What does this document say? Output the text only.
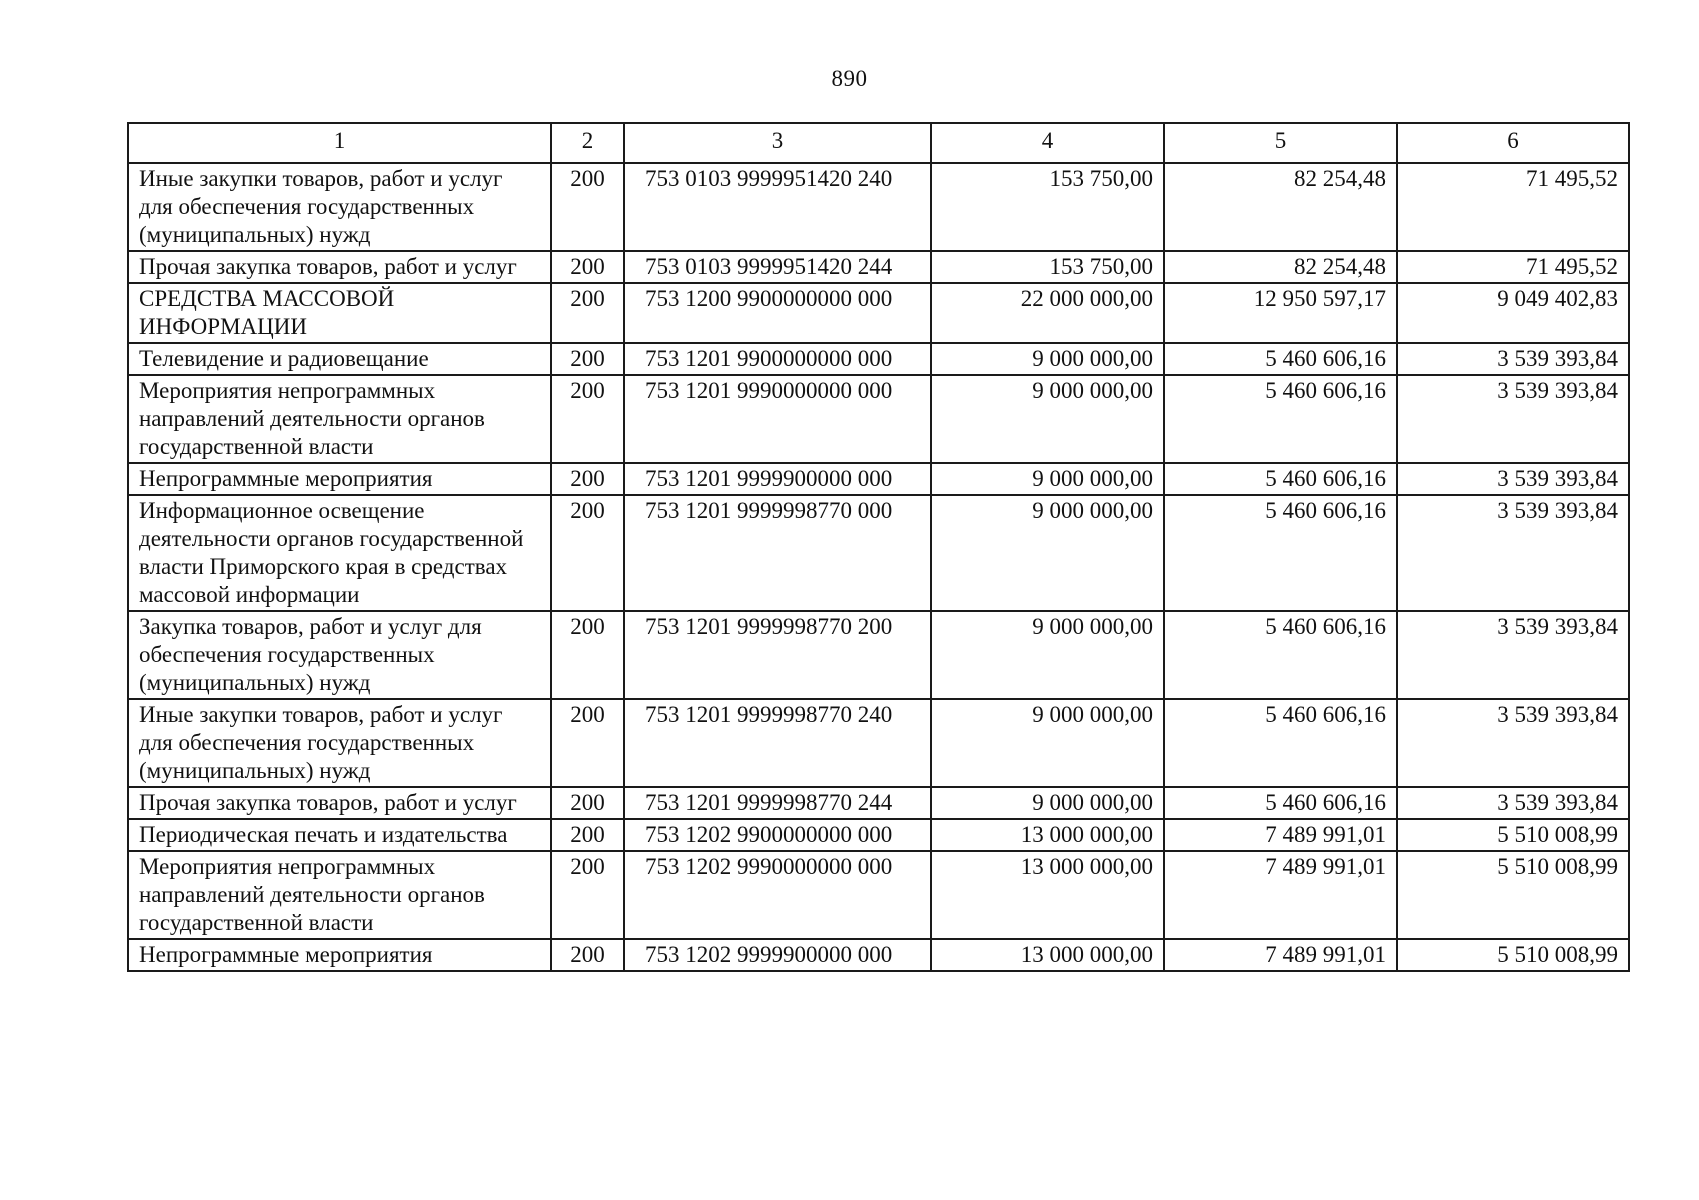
890
1	2	3	4	5	6
Иные закупки товаров, работ и услуг для обеспечения государственных (муниципальных) нужд	200	753 0103 9999951420 240	153 750,00	82 254,48	71 495,52
Прочая закупка товаров, работ и услуг	200	753 0103 9999951420 244	153 750,00	82 254,48	71 495,52
СРЕДСТВА МАССОВОЙ ИНФОРМАЦИИ	200	753 1200 9900000000 000	22 000 000,00	12 950 597,17	9 049 402,83
Телевидение и радиовещание	200	753 1201 9900000000 000	9 000 000,00	5 460 606,16	3 539 393,84
Мероприятия непрограммных направлений деятельности органов государственной власти	200	753 1201 9990000000 000	9 000 000,00	5 460 606,16	3 539 393,84
Непрограммные мероприятия	200	753 1201 9999900000 000	9 000 000,00	5 460 606,16	3 539 393,84
Информационное освещение деятельности органов государственной власти Приморского края в средствах массовой информации	200	753 1201 9999998770 000	9 000 000,00	5 460 606,16	3 539 393,84
Закупка товаров, работ и услуг для обеспечения государственных (муниципальных) нужд	200	753 1201 9999998770 200	9 000 000,00	5 460 606,16	3 539 393,84
Иные закупки товаров, работ и услуг для обеспечения государственных (муниципальных) нужд	200	753 1201 9999998770 240	9 000 000,00	5 460 606,16	3 539 393,84
Прочая закупка товаров, работ и услуг	200	753 1201 9999998770 244	9 000 000,00	5 460 606,16	3 539 393,84
Периодическая печать и издательства	200	753 1202 9900000000 000	13 000 000,00	7 489 991,01	5 510 008,99
Мероприятия непрограммных направлений деятельности органов государственной власти	200	753 1202 9990000000 000	13 000 000,00	7 489 991,01	5 510 008,99
Непрограммные мероприятия	200	753 1202 9999900000 000	13 000 000,00	7 489 991,01	5 510 008,99
